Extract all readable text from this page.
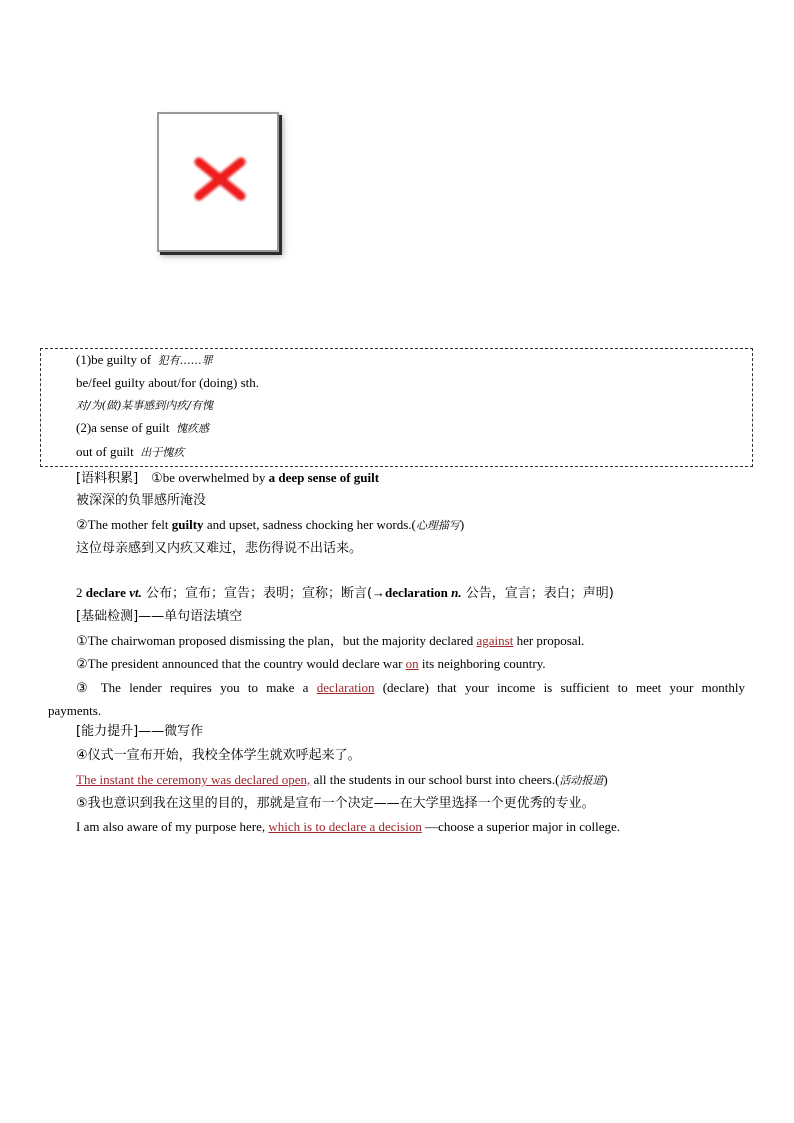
(1)be guilty of 犯有……罪
be/feel guilty about/for (doing) sth.
对/为(做)某事感到内疚/有愧
(2)a sense of guilt 愧疚感
out of guilt 出于愧疚
[语料积累] ①be overwhelmed by a deep sense of guilt
被深深的负罪感所淹没
②The mother felt guilty and upset, sadness chocking her words.(心理描写)
这位母亲感到又内疚又难过，悲伤得说不出话来。
2 declare vt. 公布；宣布；宣告；表明；宣称；断言(→declaration n. 公告，宣言；表白；声明)
[基础检测]——单句语法填空
①The chairwoman proposed dismissing the plan，but the majority declared against her proposal.
②The president announced that the country would declare war on its neighboring country.
③ The lender requires you to make a declaration (declare) that your income is sufficient to meet your monthly
payments.
[能力提升]——微写作
④仪式一宣布开始，我校全体学生就欢呼起来了。
The instant the ceremony was declared open, all the students in our school burst into cheers.(活动报道)
⑤我也意识到我在这里的目的，那就是宣布一个决定——在大学里选择一个更优秀的专业。
I am also aware of my purpose here, which is to declare a decision —choose a superior major in college.
